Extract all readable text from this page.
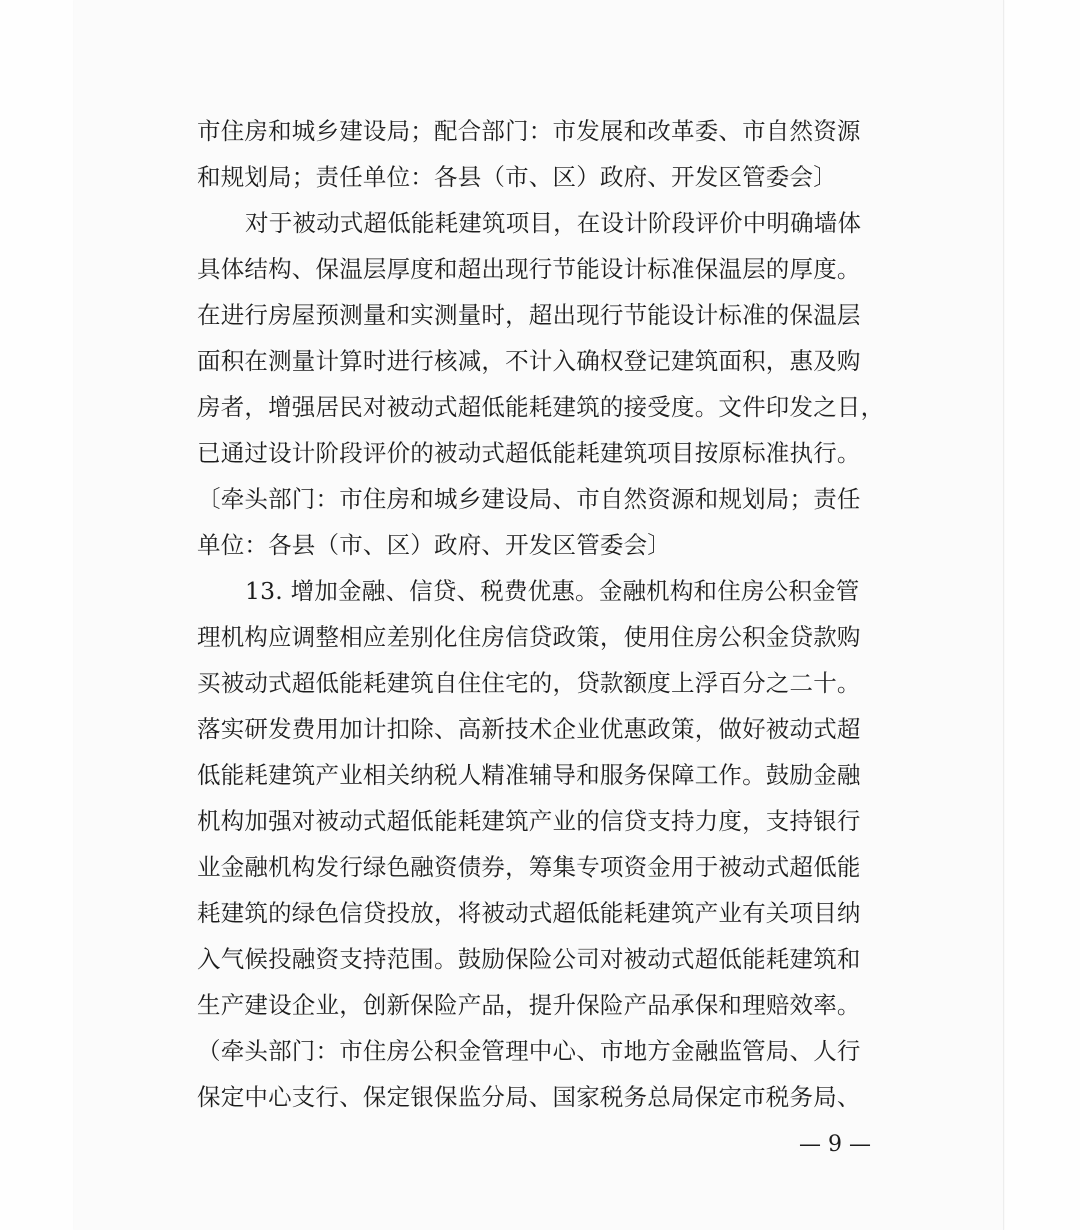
市住房和城乡建设局；配合部门：市发展和改革委、市自然资源
和规划局；责任单位：各县（市、区）政府、开发区管委会〕
对于被动式超低能耗建筑项目，在设计阶段评价中明确墙体
具体结构、保温层厚度和超出现行节能设计标准保温层的厚度。
在进行房屋预测量和实测量时，超出现行节能设计标准的保温层
面积在测量计算时进行核减，不计入确权登记建筑面积，惠及购
房者，增强居民对被动式超低能耗建筑的接受度。文件印发之日，
已通过设计阶段评价的被动式超低能耗建筑项目按原标准执行。
〔牵头部门：市住房和城乡建设局、市自然资源和规划局；责任
单位：各县（市、区）政府、开发区管委会〕
13. 增加金融、信贷、税费优惠。金融机构和住房公积金管
理机构应调整相应差别化住房信贷政策，使用住房公积金贷款购
买被动式超低能耗建筑自住住宅的，贷款额度上浮百分之二十。
落实研发费用加计扣除、高新技术企业优惠政策，做好被动式超
低能耗建筑产业相关纳税人精准辅导和服务保障工作。鼓励金融
机构加强对被动式超低能耗建筑产业的信贷支持力度，支持银行
业金融机构发行绿色融资债券，筹集专项资金用于被动式超低能
耗建筑的绿色信贷投放，将被动式超低能耗建筑产业有关项目纳
入气候投融资支持范围。鼓励保险公司对被动式超低能耗建筑和
生产建设企业，创新保险产品，提升保险产品承保和理赔效率。
（牵头部门：市住房公积金管理中心、市地方金融监管局、人行
保定中心支行、保定银保监分局、国家税务总局保定市税务局、
— 9 —
